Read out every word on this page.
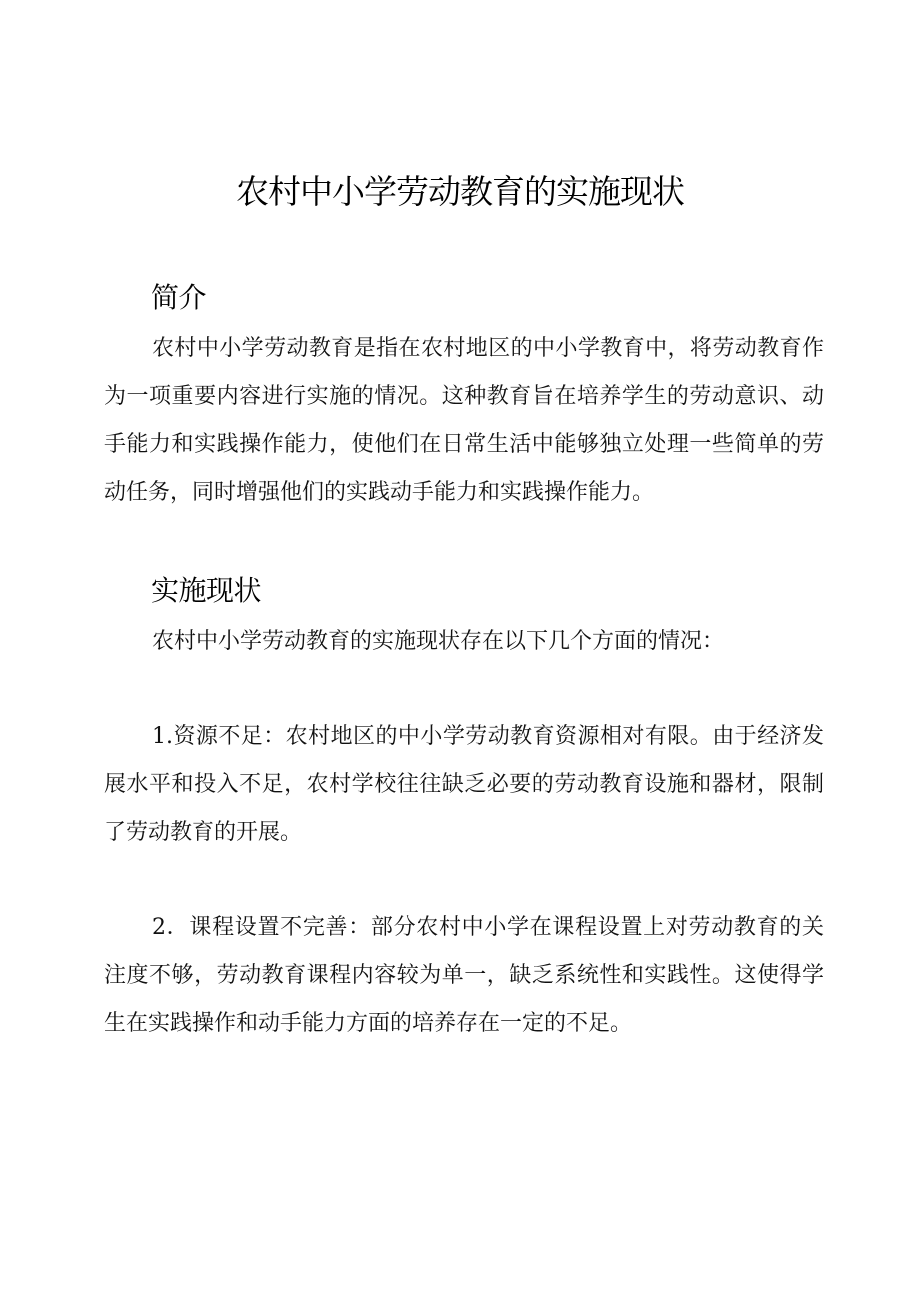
农村中小学劳动教育的实施现状
简介

农村中小学劳动教育是指在农村地区的中小学教育中，将劳动教育作为一项重要内容进行实施的情况。这种教育旨在培养学生的劳动意识、动手能力和实践操作能力，使他们在日常生活中能够独立处理一些简单的劳动任务，同时增强他们的实践动手能力和实践操作能力。

实施现状

农村中小学劳动教育的实施现状存在以下几个方面的情况：

1.资源不足：农村地区的中小学劳动教育资源相对有限。由于经济发展水平和投入不足，农村学校往往缺乏必要的劳动教育设施和器材，限制了劳动教育的开展。

2．课程设置不完善：部分农村中小学在课程设置上对劳动教育的关注度不够，劳动教育课程内容较为单一，缺乏系统性和实践性。这使得学生在实践操作和动手能力方面的培养存在一定的不足。
